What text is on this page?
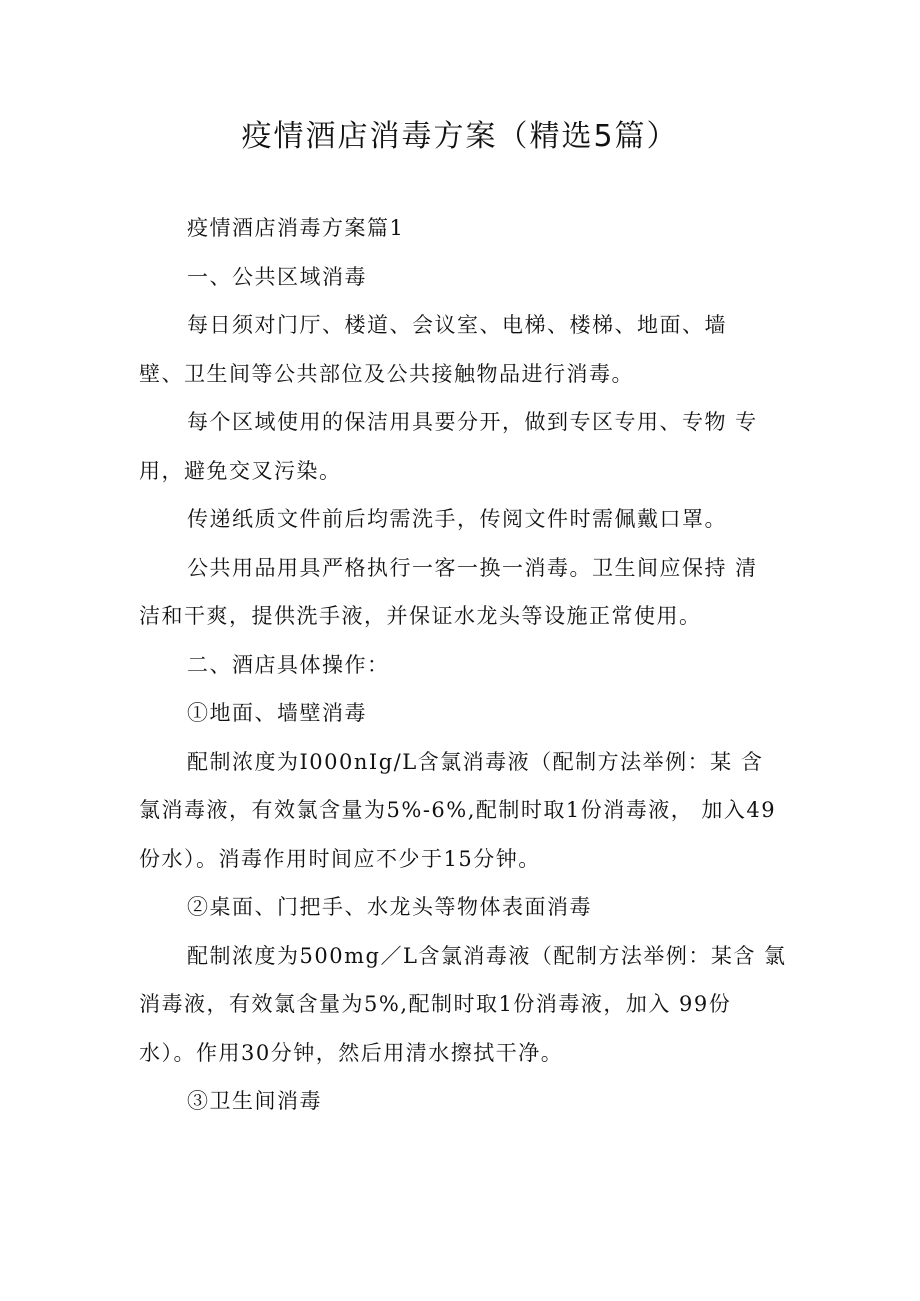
疫情酒店消毒方案（精选5篇）

疫情酒店消毒方案篇1

一、公共区域消毒

每日须对门厅、楼道、会议室、电梯、楼梯、地面、墙

壁、卫生间等公共部位及公共接触物品进行消毒。

每个区域使用的保洁用具要分开，做到专区专用、专物 专

用，避免交叉污染。

传递纸质文件前后均需洗手，传阅文件时需佩戴口罩。

公共用品用具严格执行一客一换一消毒。卫生间应保持 清

洁和干爽，提供洗手液，并保证水龙头等设施正常使用。

二、酒店具体操作：

①地面、墙壁消毒

配制浓度为I000nIg/L含氯消毒液（配制方法举例：某 含

氯消毒液，有效氯含量为5%-6%,配制时取1份消毒液， 加入49

份水）。消毒作用时间应不少于15分钟。

②桌面、门把手、水龙头等物体表面消毒

配制浓度为500mg／L含氯消毒液（配制方法举例：某含 氯

消毒液，有效氯含量为5%,配制时取1份消毒液，加入 99份

水）。作用30分钟，然后用清水擦拭干净。

③卫生间消毒
